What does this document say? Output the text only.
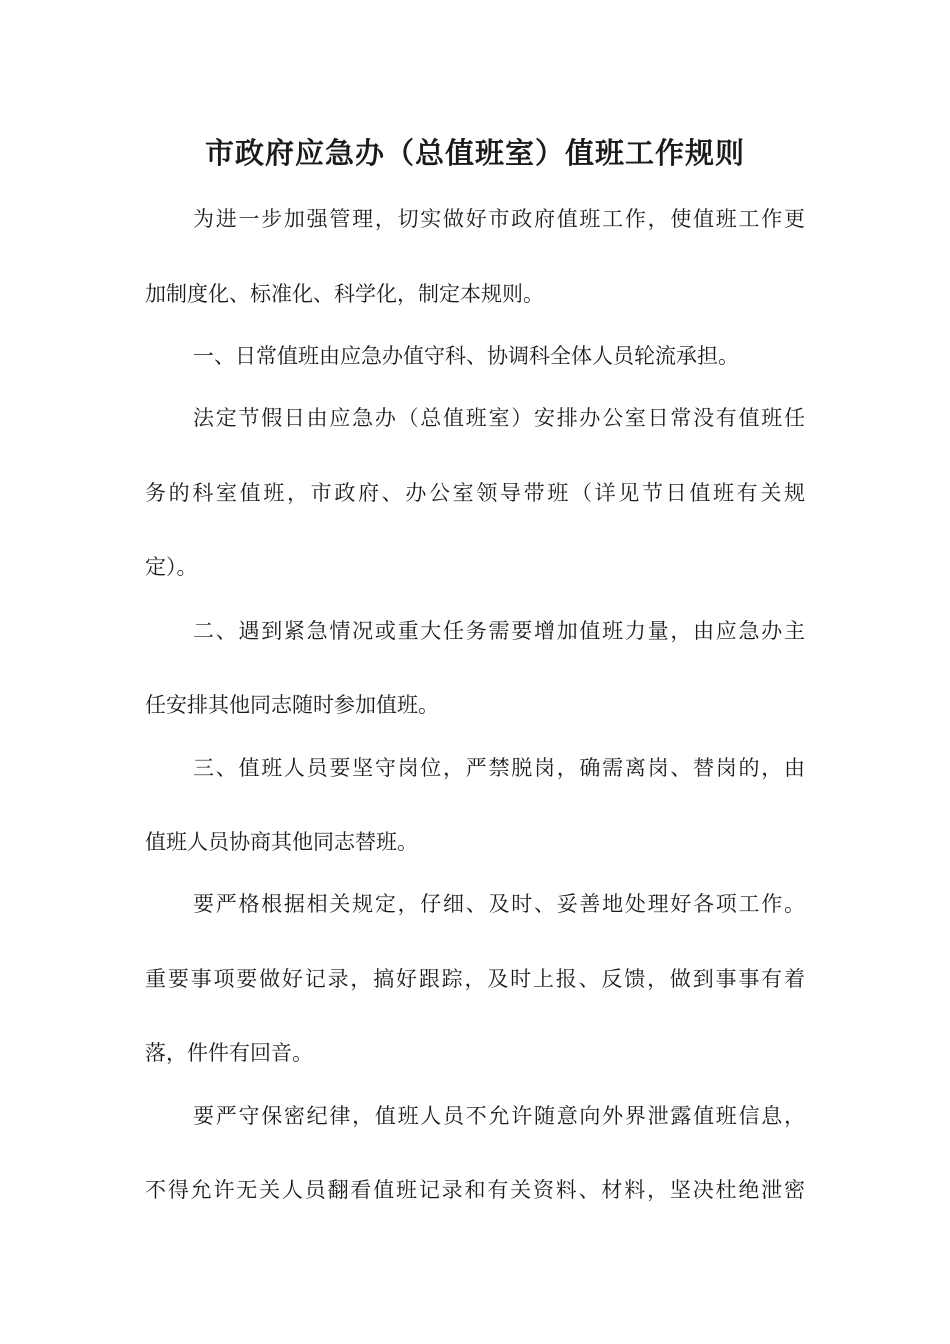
市政府应急办（总值班室）值班工作规则
为进一步加强管理，切实做好市政府值班工作，使值班工作更
加制度化、标准化、科学化，制定本规则。
一、日常值班由应急办值守科、协调科全体人员轮流承担。
法定节假日由应急办（总值班室）安排办公室日常没有值班任
务的科室值班，市政府、办公室领导带班（详见节日值班有关规
定）。
二、遇到紧急情况或重大任务需要增加值班力量，由应急办主
任安排其他同志随时参加值班。
三、值班人员要坚守岗位，严禁脱岗，确需离岗、替岗的，由
值班人员协商其他同志替班。
要严格根据相关规定，仔细、及时、妥善地处理好各项工作。
重要事项要做好记录，搞好跟踪，及时上报、反馈，做到事事有着
落，件件有回音。
要严守保密纪律，值班人员不允许随意向外界泄露值班信息，
不得允许无关人员翻看值班记录和有关资料、材料，坚决杜绝泄密
